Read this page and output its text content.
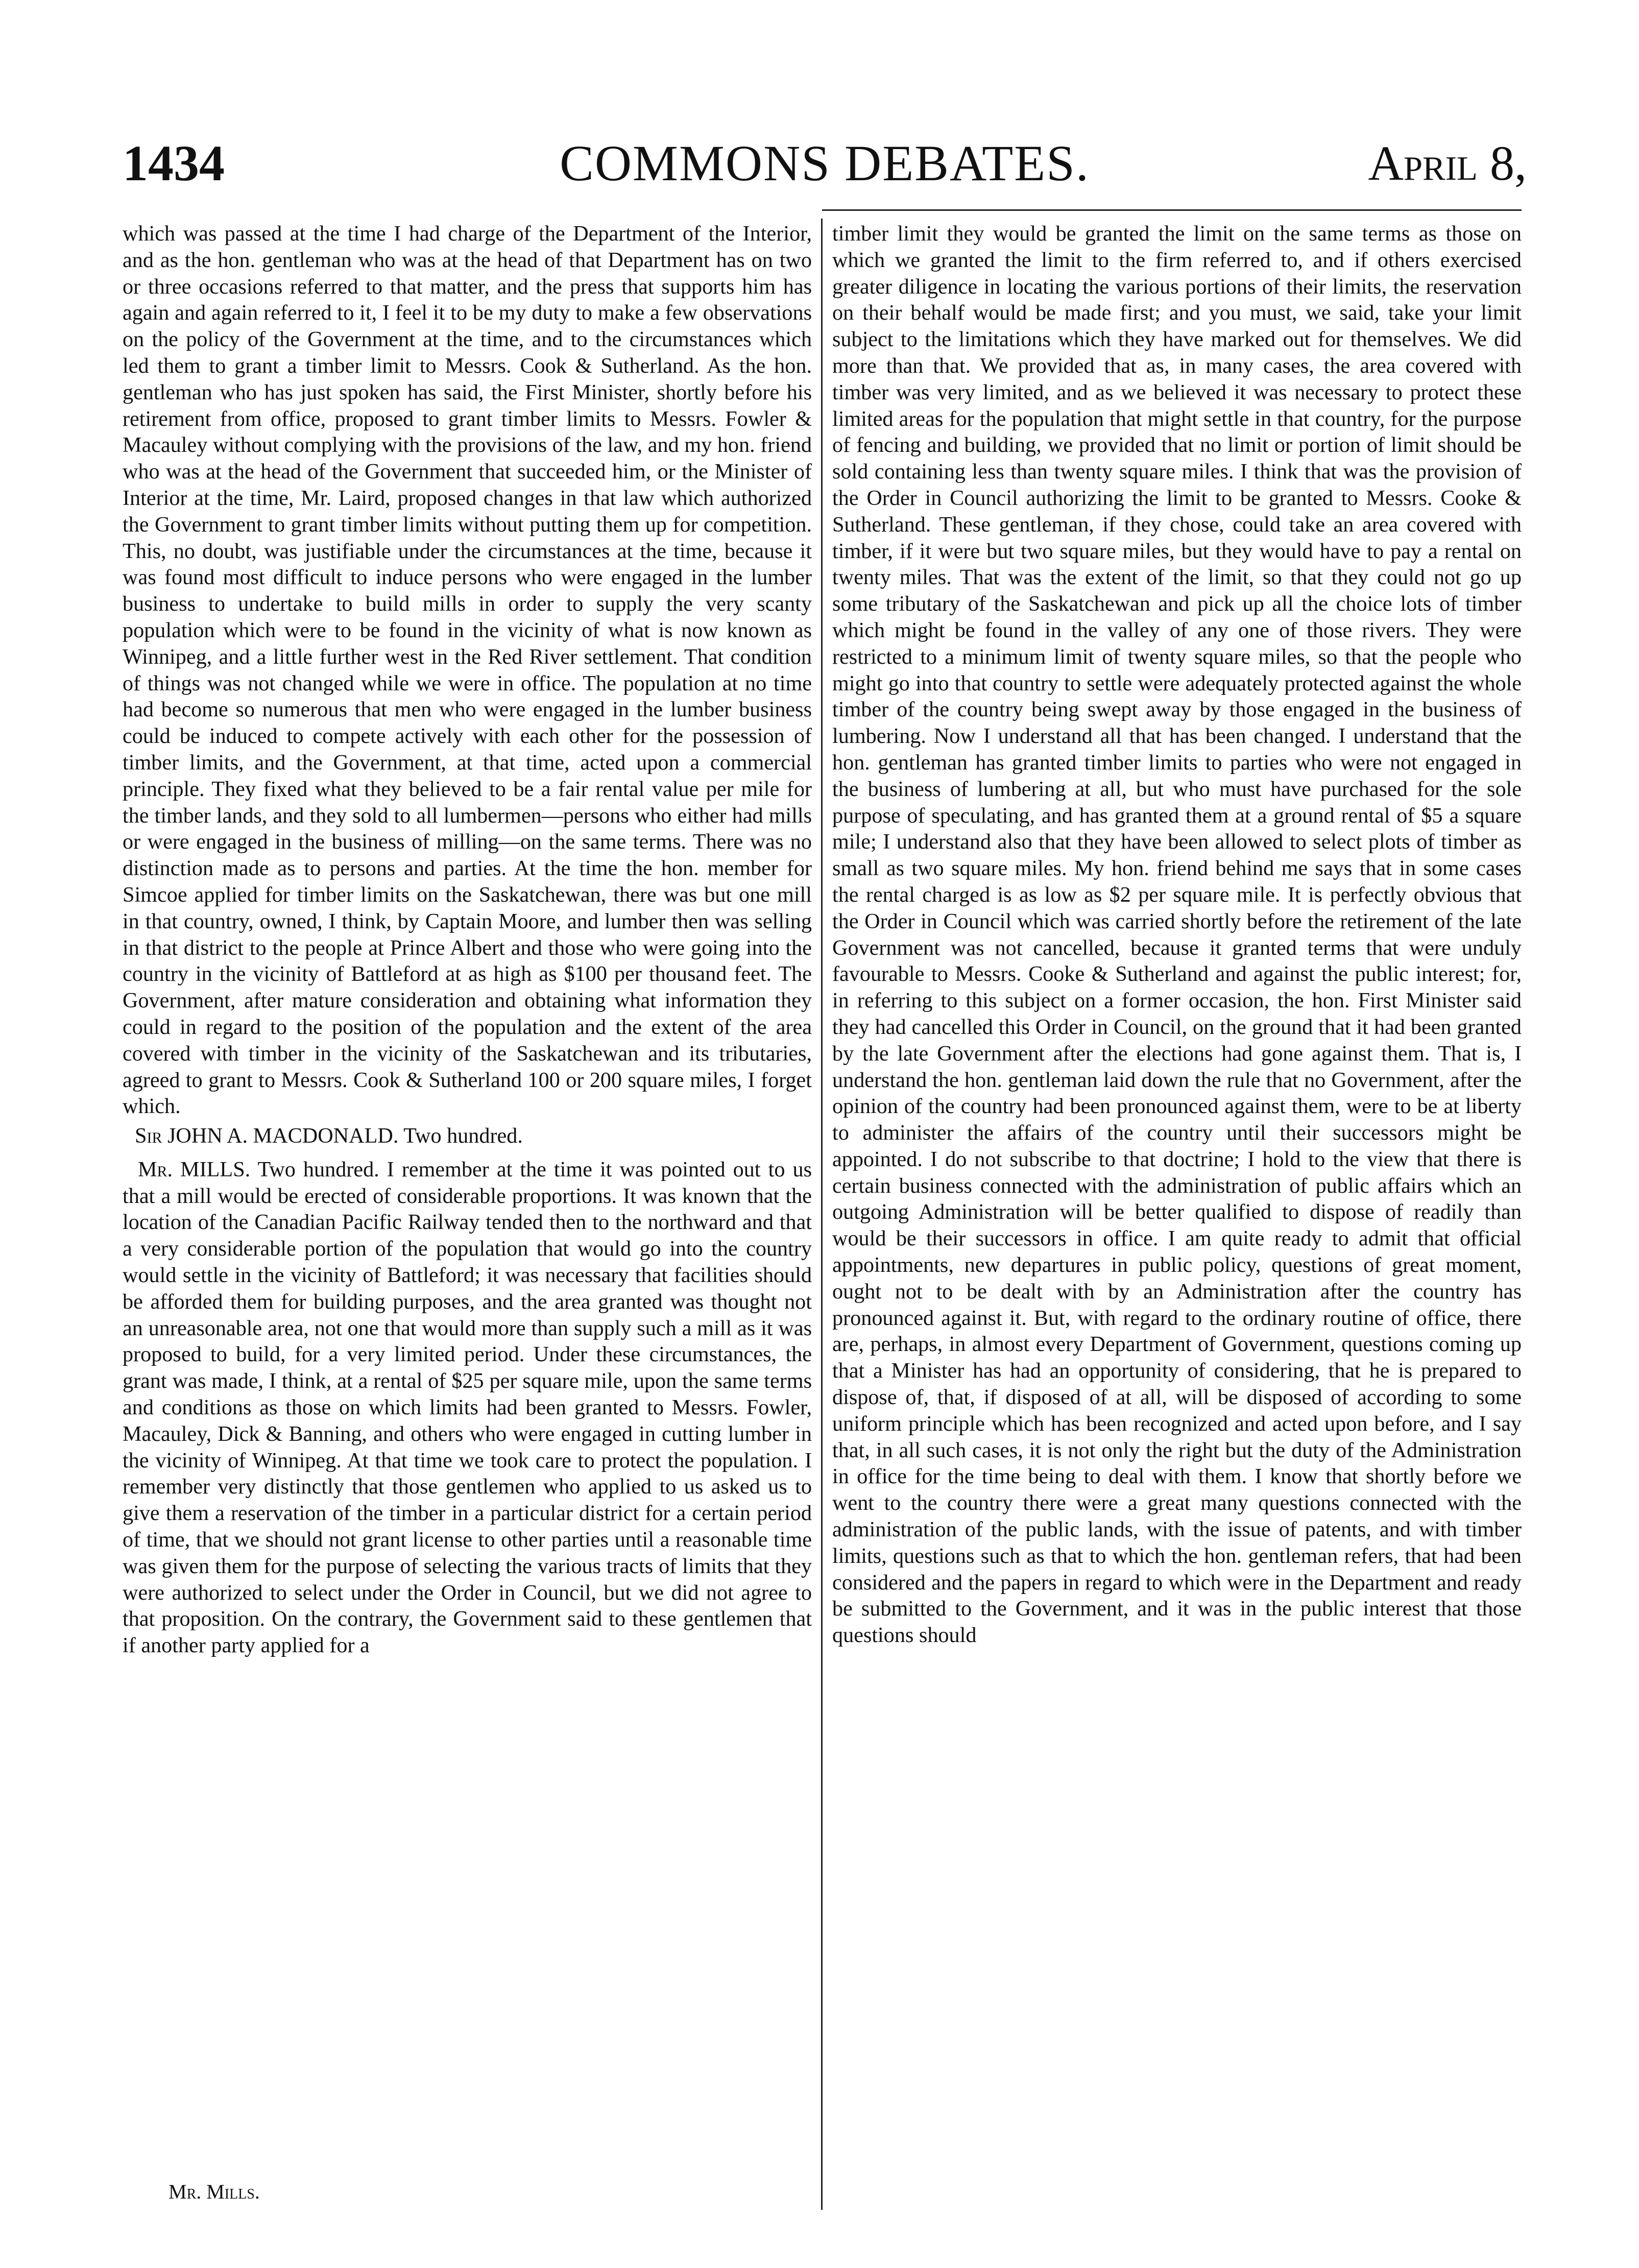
1434	COMMONS DEBATES.	April 8,

which was passed at the time I had charge of the Department of the Interior, and as the hon. gentleman who was at the head of that Department has on two or three occasions referred to that matter, and the press that supports him has again and again referred to it, I feel it to be my duty to make a few observations on the policy of the Government at the time, and to the circumstances which led them to grant a timber limit to Messrs. Cook & Sutherland. As the hon. gentleman who has just spoken has said, the First Minister, shortly before his retirement from office, proposed to grant timber limits to Messrs. Fowler & Macauley without complying with the provisions of the law, and my hon. friend who was at the head of the Government that succeeded him, or the Minister of Interior at the time, Mr. Laird, proposed changes in that law which authorized the Government to grant timber limits without putting them up for competition. This, no doubt, was justifiable under the circumstances at the time, because it was found most difficult to induce persons who were engaged in the lumber business to undertake to build mills in order to supply the very scanty population which were to be found in the vicinity of what is now known as Winnipeg, and a little further west in the Red River settlement. That condition of things was not changed while we were in office. The population at no time had become so numerous that men who were engaged in the lumber business could be induced to compete actively with each other for the possession of timber limits, and the Government, at that time, acted upon a commercial principle. They fixed what they believed to be a fair rental value per mile for the timber lands, and they sold to all lumbermen—persons who either had mills or were engaged in the business of milling—on the same terms. There was no distinction made as to persons and parties. At the time the hon. member for Simcoe applied for timber limits on the Saskatchewan, there was but one mill in that country, owned, I think, by Captain Moore, and lumber then was selling in that district to the people at Prince Albert and those who were going into the country in the vicinity of Battleford at as high as $100 per thousand feet. The Government, after mature consideration and obtaining what information they could in regard to the position of the population and the extent of the area covered with timber in the vicinity of the Saskatchewan and its tributaries, agreed to grant to Messrs. Cook & Sutherland 100 or 200 square miles, I forget which.

Sir JOHN A. MACDONALD. Two hundred.

Mr. MILLS. Two hundred. I remember at the time it was pointed out to us that a mill would be erected of considerable proportions. It was known that the location of the Canadian Pacific Railway tended then to the northward and that a very considerable portion of the population that would go into the country would settle in the vicinity of Battleford; it was necessary that facilities should be afforded them for building purposes, and the area granted was thought not an unreasonable area, not one that would more than supply such a mill as it was proposed to build, for a very limited period. Under these circumstances, the grant was made, I think, at a rental of $25 per square mile, upon the same terms and conditions as those on which limits had been granted to Messrs. Fowler, Macauley, Dick & Banning, and others who were engaged in cutting lumber in the vicinity of Winnipeg. At that time we took care to protect the population. I remember very distinctly that those gentlemen who applied to us asked us to give them a reservation of the timber in a particular district for a certain period of time, that we should not grant license to other parties until a reasonable time was given them for the purpose of selecting the various tracts of limits that they were authorized to select under the Order in Council, but we did not agree to that proposition. On the contrary, the Government said to these gentlemen that if another party applied for a

timber limit they would be granted the limit on the same terms as those on which we granted the limit to the firm referred to, and if others exercised greater diligence in locating the various portions of their limits, the reservation on their behalf would be made first; and you must, we said, take your limit subject to the limitations which they have marked out for themselves. We did more than that. We provided that as, in many cases, the area covered with timber was very limited, and as we believed it was necessary to protect these limited areas for the population that might settle in that country, for the purpose of fencing and building, we provided that no limit or portion of limit should be sold containing less than twenty square miles. I think that was the provision of the Order in Council authorizing the limit to be granted to Messrs. Cooke & Sutherland. These gentleman, if they chose, could take an area covered with timber, if it were but two square miles, but they would have to pay a rental on twenty miles. That was the extent of the limit, so that they could not go up some tributary of the Saskatchewan and pick up all the choice lots of timber which might be found in the valley of any one of those rivers. They were restricted to a minimum limit of twenty square miles, so that the people who might go into that country to settle were adequately protected against the whole timber of the country being swept away by those engaged in the business of lumbering. Now I understand all that has been changed. I understand that the hon. gentleman has granted timber limits to parties who were not engaged in the business of lumbering at all, but who must have purchased for the sole purpose of speculating, and has granted them at a ground rental of $5 a square mile; I understand also that they have been allowed to select plots of timber as small as two square miles. My hon. friend behind me says that in some cases the rental charged is as low as $2 per square mile. It is perfectly obvious that the Order in Council which was carried shortly before the retirement of the late Government was not cancelled, because it granted terms that were unduly favourable to Messrs. Cooke & Sutherland and against the public interest; for, in referring to this subject on a former occasion, the hon. First Minister said they had cancelled this Order in Council, on the ground that it had been granted by the late Government after the elections had gone against them. That is, I understand the hon. gentleman laid down the rule that no Government, after the opinion of the country had been pronounced against them, were to be at liberty to administer the affairs of the country until their successors might be appointed. I do not subscribe to that doctrine; I hold to the view that there is certain business connected with the administration of public affairs which an outgoing Administration will be better qualified to dispose of readily than would be their successors in office. I am quite ready to admit that official appointments, new departures in public policy, questions of great moment, ought not to be dealt with by an Administration after the country has pronounced against it. But, with regard to the ordinary routine of office, there are, perhaps, in almost every Department of Government, questions coming up that a Minister has had an opportunity of considering, that he is prepared to dispose of, that, if disposed of at all, will be disposed of according to some uniform principle which has been recognized and acted upon before, and I say that, in all such cases, it is not only the right but the duty of the Administration in office for the time being to deal with them. I know that shortly before we went to the country there were a great many questions connected with the administration of the public lands, with the issue of patents, and with timber limits, questions such as that to which the hon. gentleman refers, that had been considered and the papers in regard to which were in the Department and ready be submitted to the Government, and it was in the public interest that those questions should

Mr. Mills.
